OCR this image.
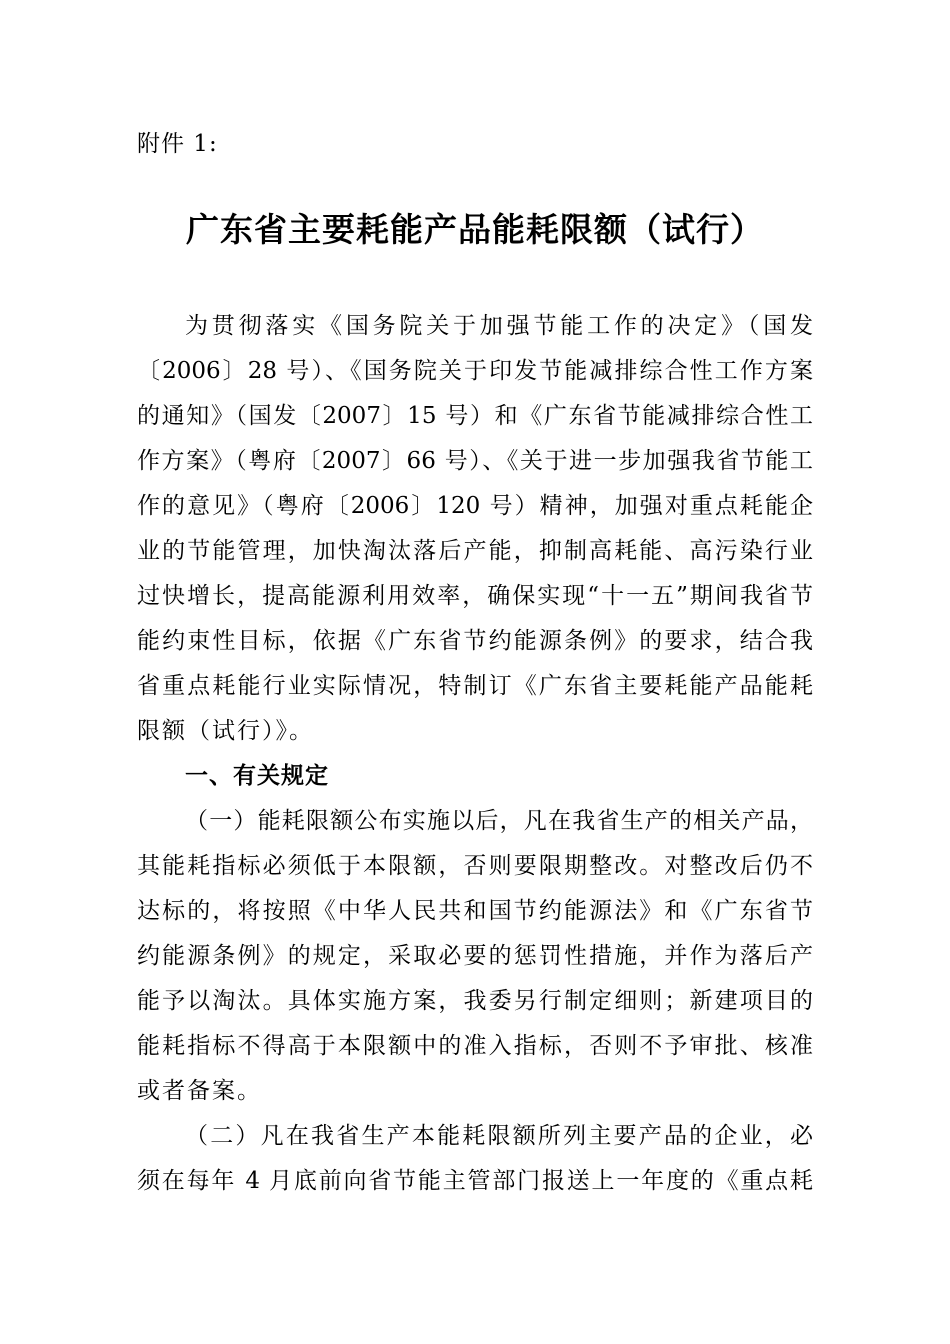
附件 1:
广东省主要耗能产品能耗限额（试行）
为贯彻落实《国务院关于加强节能工作的决定》（国发
〔2006〕28 号）、《国务院关于印发节能减排综合性工作方案
的通知》（国发〔2007〕15 号）和《广东省节能减排综合性工
作方案》（粤府〔2007〕66 号）、《关于进一步加强我省节能工
作的意见》（粤府〔2006〕120 号）精神，加强对重点耗能企
业的节能管理，加快淘汰落后产能，抑制高耗能、高污染行业
过快增长，提高能源利用效率，确保实现“十一五”期间我省节
能约束性目标，依据《广东省节约能源条例》的要求，结合我
省重点耗能行业实际情况，特制订《广东省主要耗能产品能耗
限额（试行）》。
一、有关规定
（一）能耗限额公布实施以后，凡在我省生产的相关产品，
其能耗指标必须低于本限额，否则要限期整改。对整改后仍不
达标的，将按照《中华人民共和国节约能源法》和《广东省节
约能源条例》的规定，采取必要的惩罚性措施，并作为落后产
能予以淘汰。具体实施方案，我委另行制定细则；新建项目的
能耗指标不得高于本限额中的准入指标，否则不予审批、核准
或者备案。
（二）凡在我省生产本能耗限额所列主要产品的企业，必
须在每年 4 月底前向省节能主管部门报送上一年度的《重点耗
